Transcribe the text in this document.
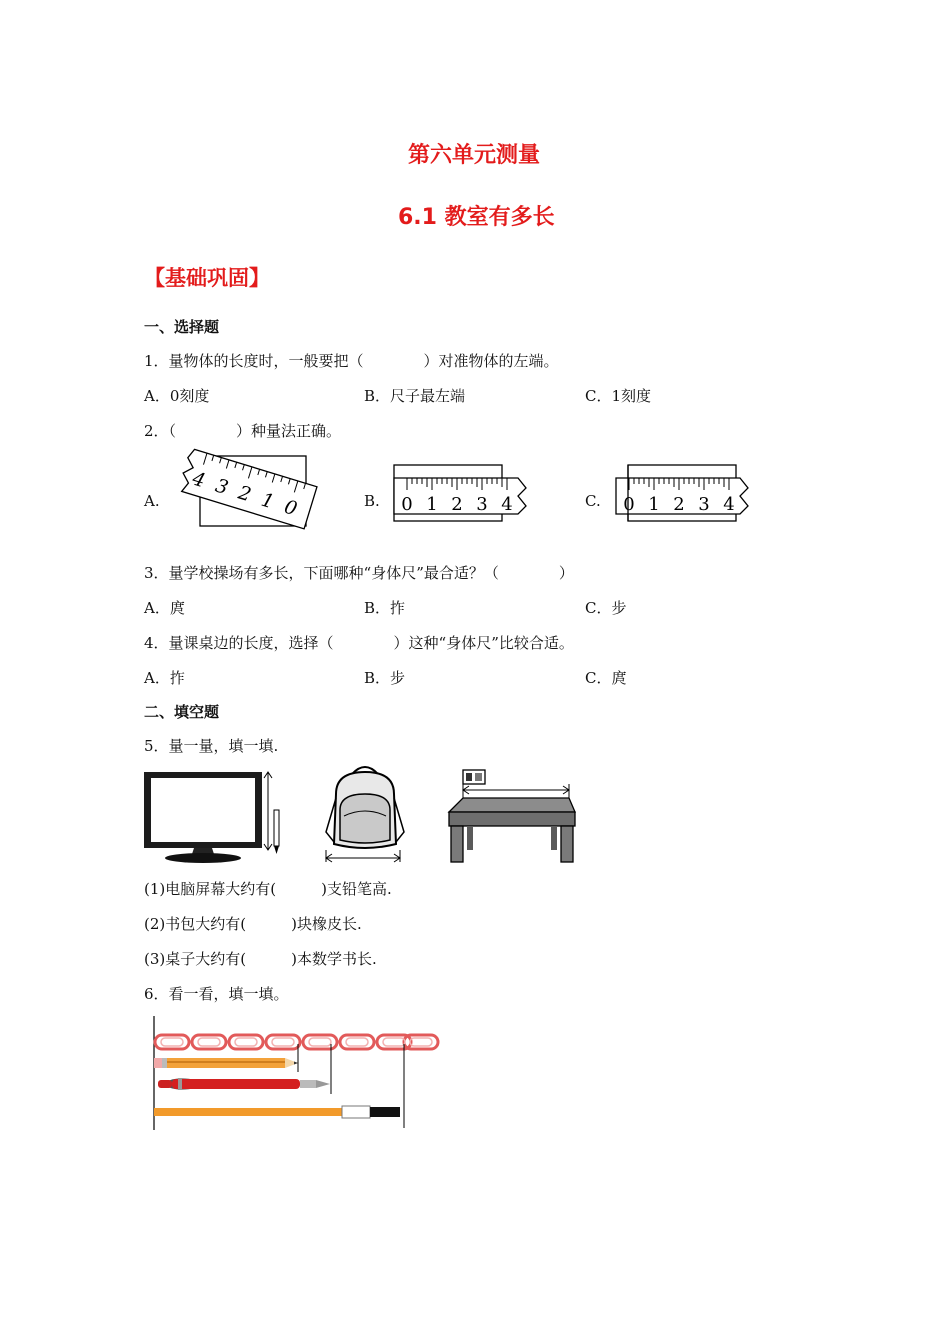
第六单元测量
6.1 教室有多长
【基础巩固】
一、选择题
1．量物体的长度时，一般要把（　　　　）对准物体的左端。
A．0刻度	B．尺子最左端	C．1刻度
2．（　　　　）种量法正确。
A.	B.	C.
4 3 2 1 0	0 1 2 3 4	0 1 2 3 4
3．量学校操场有多长，下面哪种“身体尺”最合适？（　　　　）
A．庹	B．拃	C．步
4．量课桌边的长度，选择（　　　　）这种“身体尺”比较合适。
A．拃	B．步	C．庹
二、填空题
5．量一量，填一填.
(1)电脑屏幕大约有(　　　)支铅笔高.
(2)书包大约有(　　　)块橡皮长.
(3)桌子大约有(　　　)本数学书长.
6．看一看，填一填。
